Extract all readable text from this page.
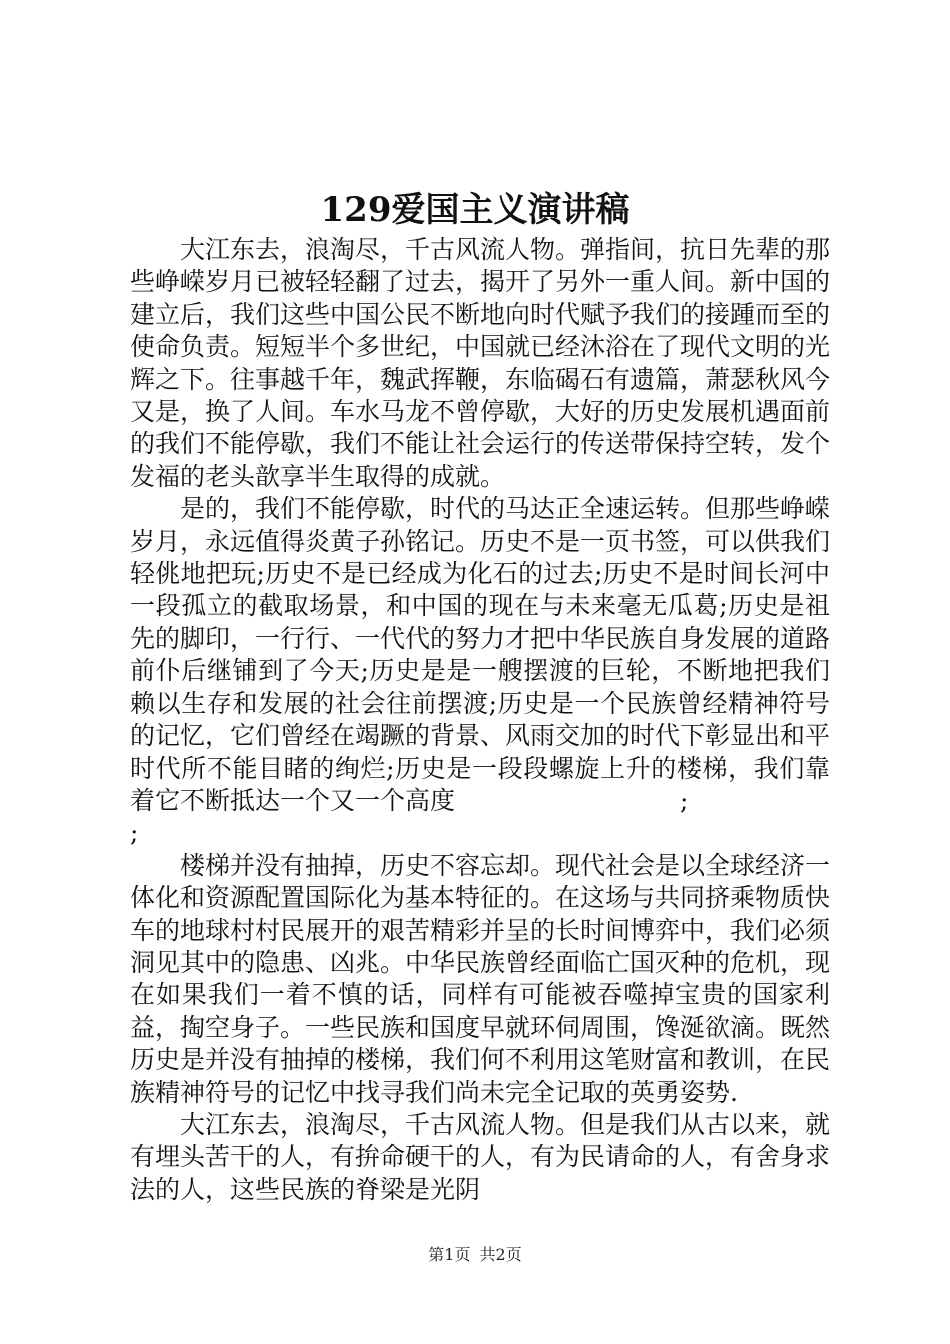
129爱国主义演讲稿

大江东去，浪淘尽，千古风流人物。弹指间，抗日先辈的那些峥嵘岁月已被轻轻翻了过去，揭开了另外一重人间。新中国的建立后，我们这些中国公民不断地向时代赋予我们的接踵而至的使命负责。短短半个多世纪，中国就已经沐浴在了现代文明的光辉之下。往事越千年，魏武挥鞭，东临碣石有遗篇，萧瑟秋风今又是，换了人间。车水马龙不曾停歇，大好的历史发展机遇面前的我们不能停歇，我们不能让社会运行的传送带保持空转，发个发福的老头歆享半生取得的成就。

是的，我们不能停歇，时代的马达正全速运转。但那些峥嵘岁月，永远值得炎黄子孙铭记。历史不是一页书签，可以供我们轻佻地把玩;历史不是已经成为化石的过去;历史不是时间长河中一段孤立的截取场景，和中国的现在与未来毫无瓜葛;历史是祖先的脚印，一行行、一代代的努力才把中华民族自身发展的道路前仆后继铺到了今天;历史是是一艘摆渡的巨轮，不断地把我们赖以生存和发展的社会往前摆渡;历史是一个民族曾经精神符号的记忆，它们曾经在竭蹶的背景、风雨交加的时代下彰显出和平时代所不能目睹的绚烂;历史是一段段螺旋上升的楼梯，我们靠着它不断抵达一个又一个高度　　　　　　　　　;

;

楼梯并没有抽掉，历史不容忘却。现代社会是以全球经济一体化和资源配置国际化为基本特征的。在这场与共同挤乘物质快车的地球村村民展开的艰苦精彩并呈的长时间博弈中，我们必须洞见其中的隐患、凶兆。中华民族曾经面临亡国灭种的危机，现在如果我们一着不慎的话，同样有可能被吞噬掉宝贵的国家利益，掏空身子。一些民族和国度早就环伺周围，馋涎欲滴。既然历史是并没有抽掉的楼梯，我们何不利用这笔财富和教训，在民族精神符号的记忆中找寻我们尚未完全记取的英勇姿势.

大江东去，浪淘尽，千古风流人物。但是我们从古以来，就有埋头苦干的人，有拚命硬干的人，有为民请命的人，有舍身求法的人，这些民族的脊梁是光阴

第1页 共2页
